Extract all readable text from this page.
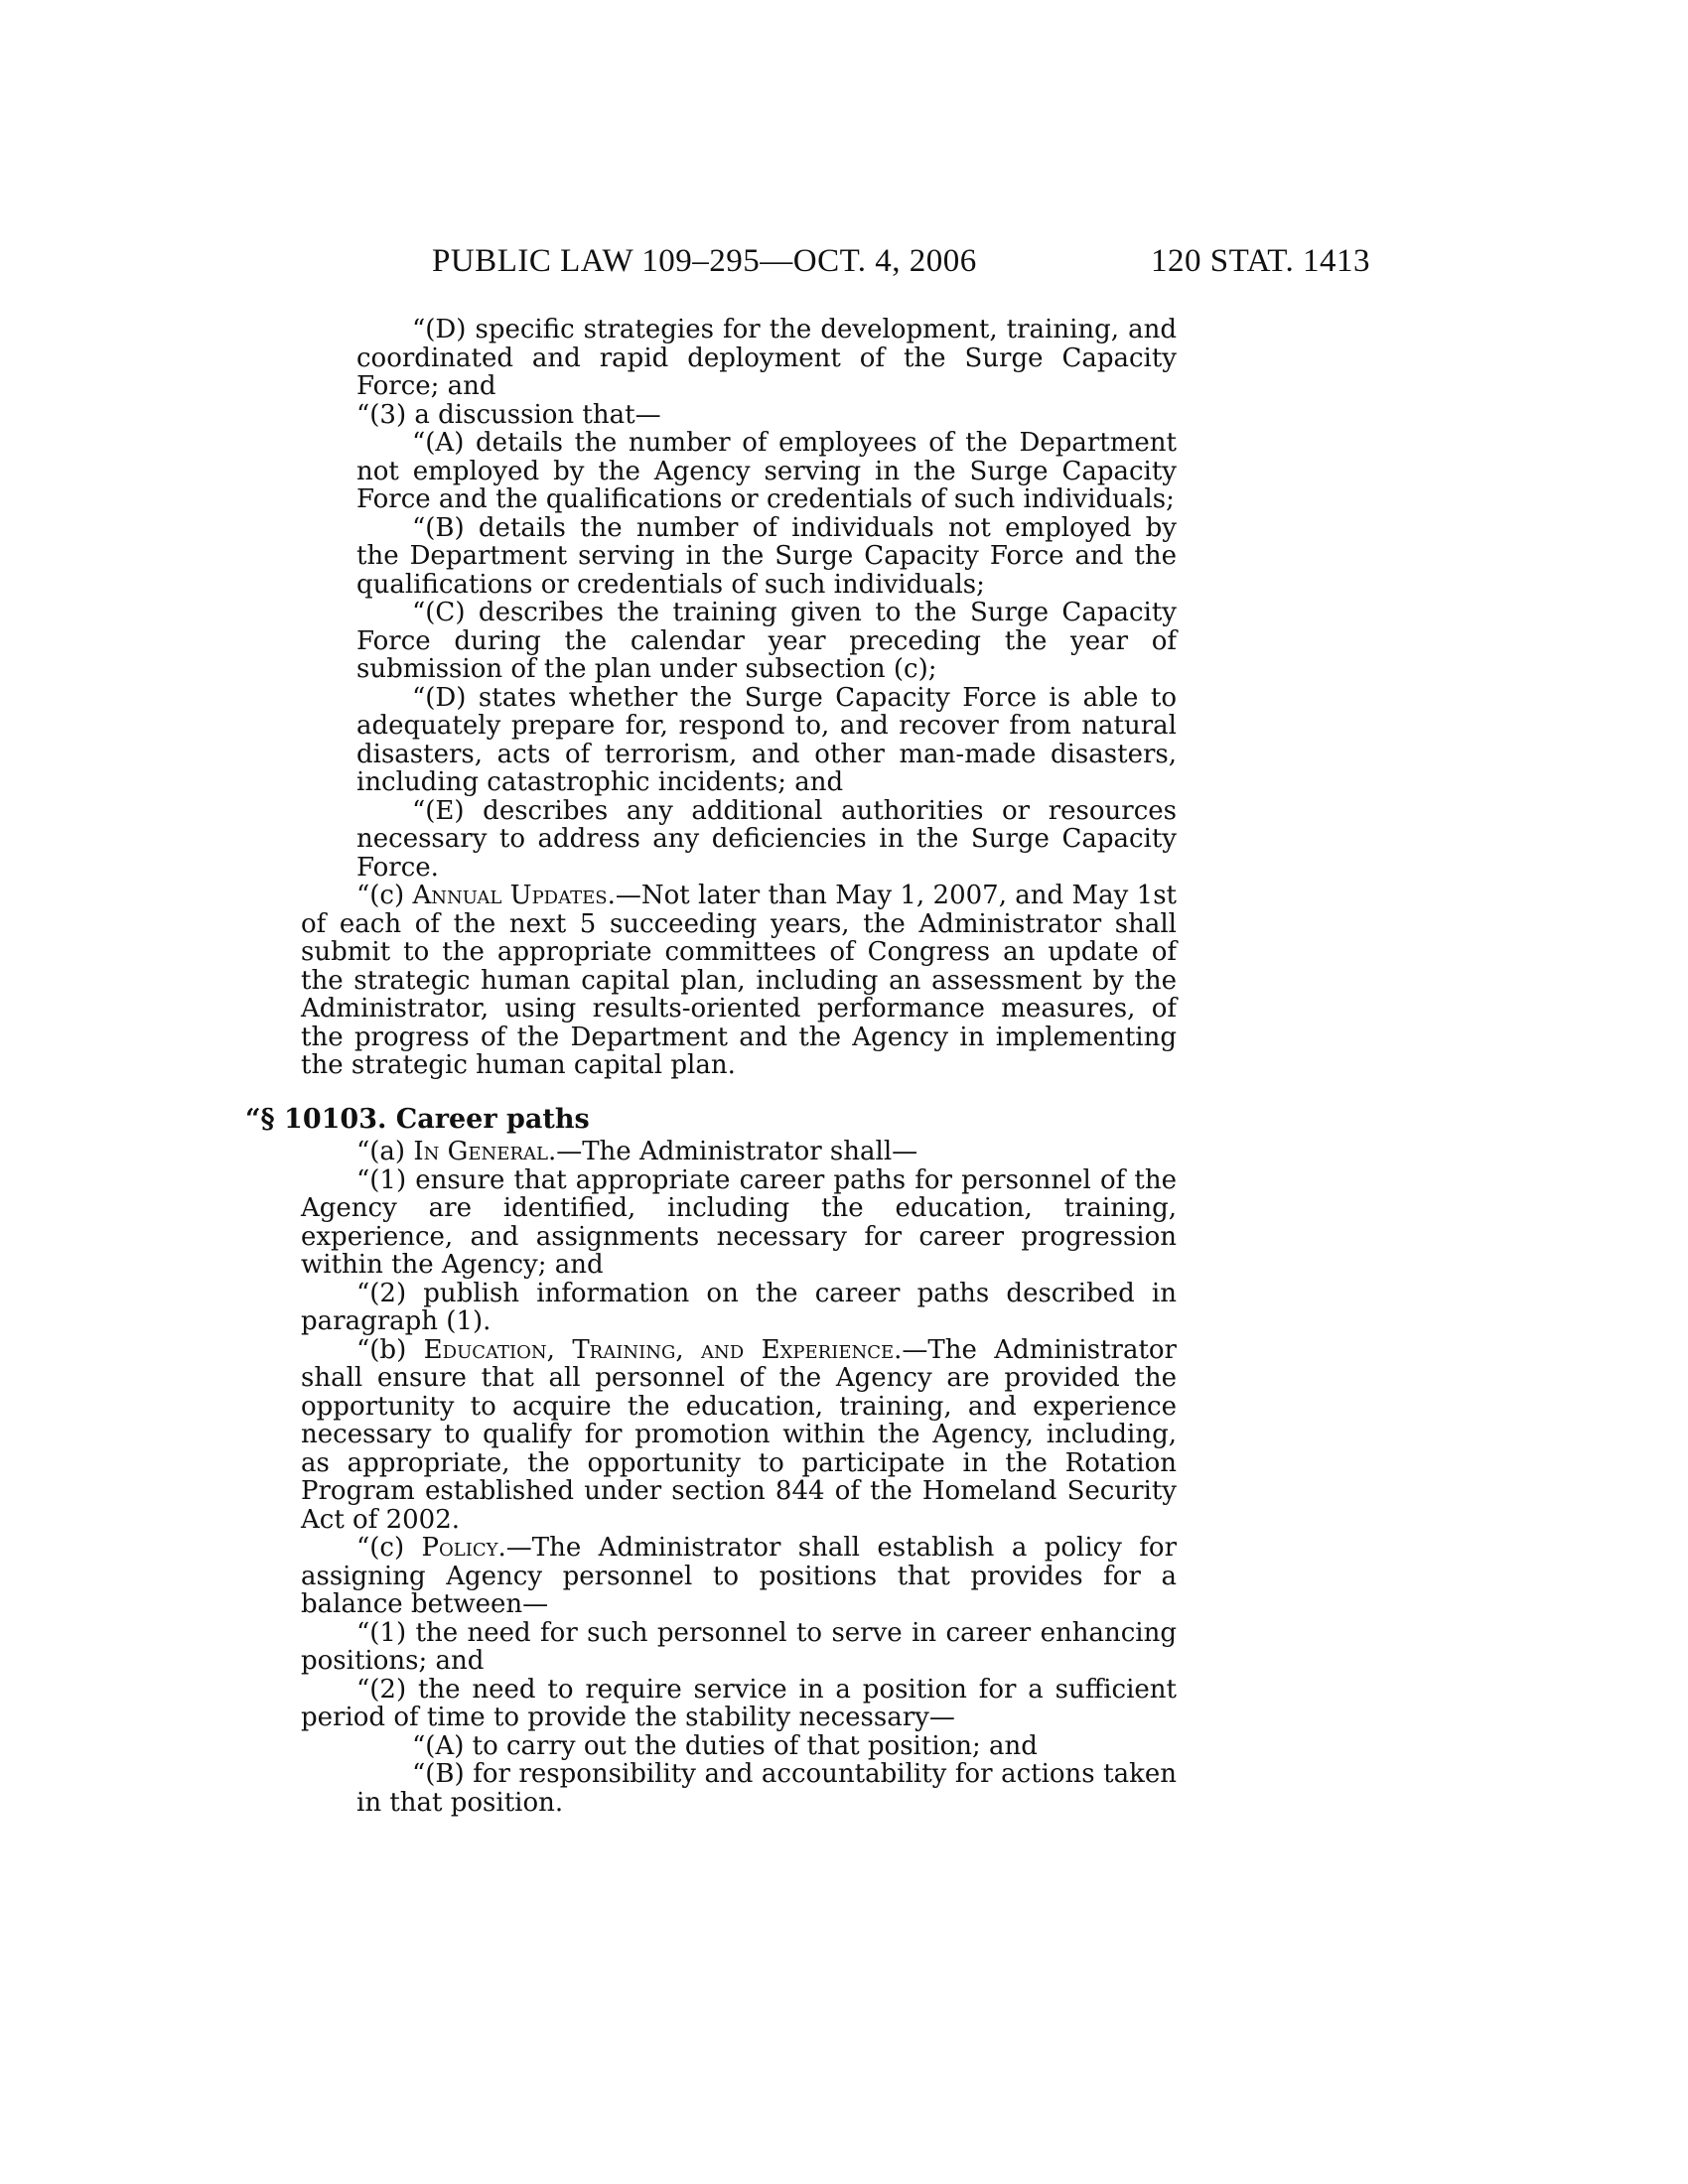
PUBLIC LAW 109–295—OCT. 4, 2006	120 STAT. 1413

“(D) specific strategies for the development, training, and coordinated and rapid deployment of the Surge Capacity Force; and

“(3) a discussion that—

“(A) details the number of employees of the Department not employed by the Agency serving in the Surge Capacity Force and the qualifications or credentials of such individuals;

“(B) details the number of individuals not employed by the Department serving in the Surge Capacity Force and the qualifications or credentials of such individuals;

“(C) describes the training given to the Surge Capacity Force during the calendar year preceding the year of submission of the plan under subsection (c);

“(D) states whether the Surge Capacity Force is able to adequately prepare for, respond to, and recover from natural disasters, acts of terrorism, and other man-made disasters, including catastrophic incidents; and

“(E) describes any additional authorities or resources necessary to address any deficiencies in the Surge Capacity Force.

“(c) Annual Updates.—Not later than May 1, 2007, and May 1st of each of the next 5 succeeding years, the Administrator shall submit to the appropriate committees of Congress an update of the strategic human capital plan, including an assessment by the Administrator, using results-oriented performance measures, of the progress of the Department and the Agency in implementing the strategic human capital plan.

“§ 10103. Career paths

“(a) In General.—The Administrator shall—

“(1) ensure that appropriate career paths for personnel of the Agency are identified, including the education, training, experience, and assignments necessary for career progression within the Agency; and

“(2) publish information on the career paths described in paragraph (1).

“(b) Education, Training, and Experience.—The Administrator shall ensure that all personnel of the Agency are provided the opportunity to acquire the education, training, and experience necessary to qualify for promotion within the Agency, including, as appropriate, the opportunity to participate in the Rotation Program established under section 844 of the Homeland Security Act of 2002.

“(c) Policy.—The Administrator shall establish a policy for assigning Agency personnel to positions that provides for a balance between—

“(1) the need for such personnel to serve in career enhancing positions; and

“(2) the need to require service in a position for a sufficient period of time to provide the stability necessary—

“(A) to carry out the duties of that position; and

“(B) for responsibility and accountability for actions taken in that position.
